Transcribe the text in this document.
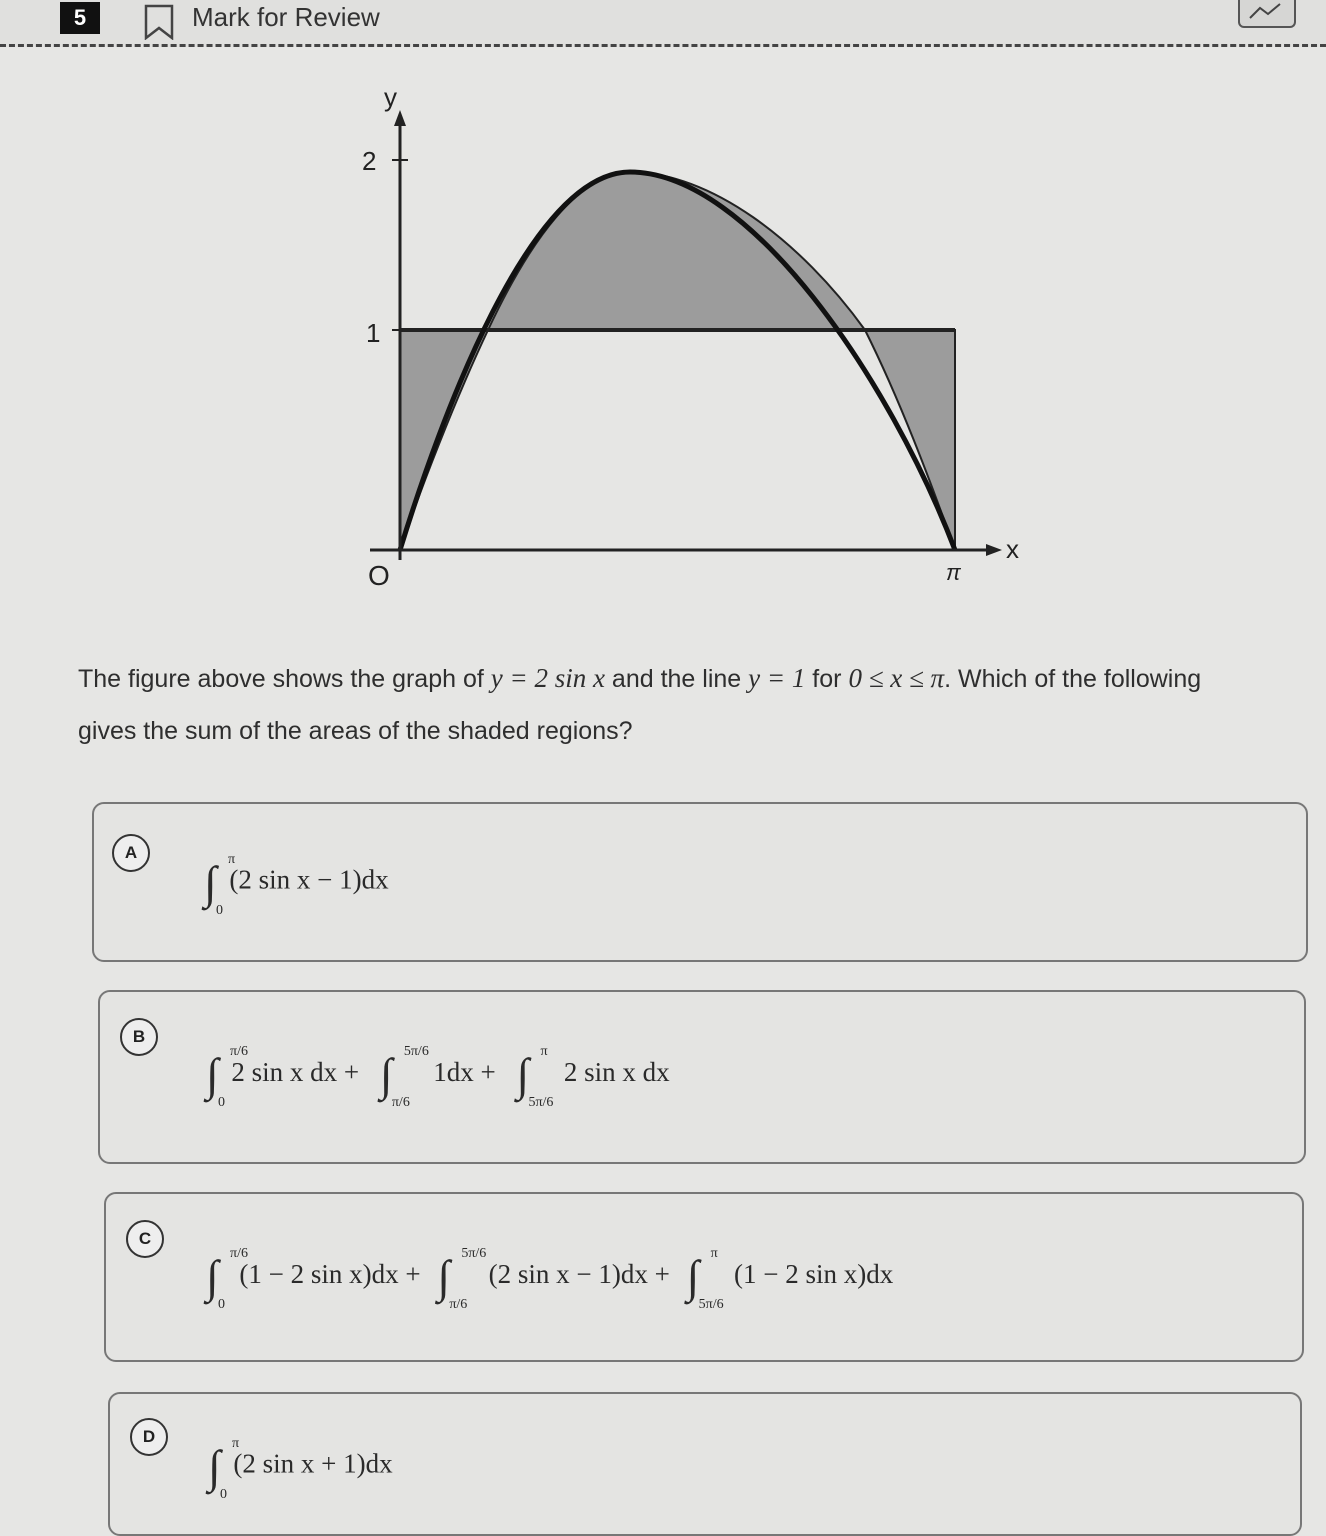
5	Mark for Review
y
2
1
O	π
x
The figure above shows the graph of y = 2 sin x and the line y = 1 for 0 ≤ x ≤ π. Which of the following gives the sum of the areas of the shaded regions?
A
∫ π
0
(2 sin x − 1)dx
B
∫ π/6
0
2 sin x dx + ∫ 5π/6
π/6
1dx + ∫ π
5π/6
2 sin x dx
C
∫ π/6
0
(1 − 2 sin x)dx + ∫ 5π/6
π/6
(2 sin x − 1)dx + ∫ π
5π/6
(1 − 2 sin x)dx
D
∫ π
0
(2 sin x + 1)dx
